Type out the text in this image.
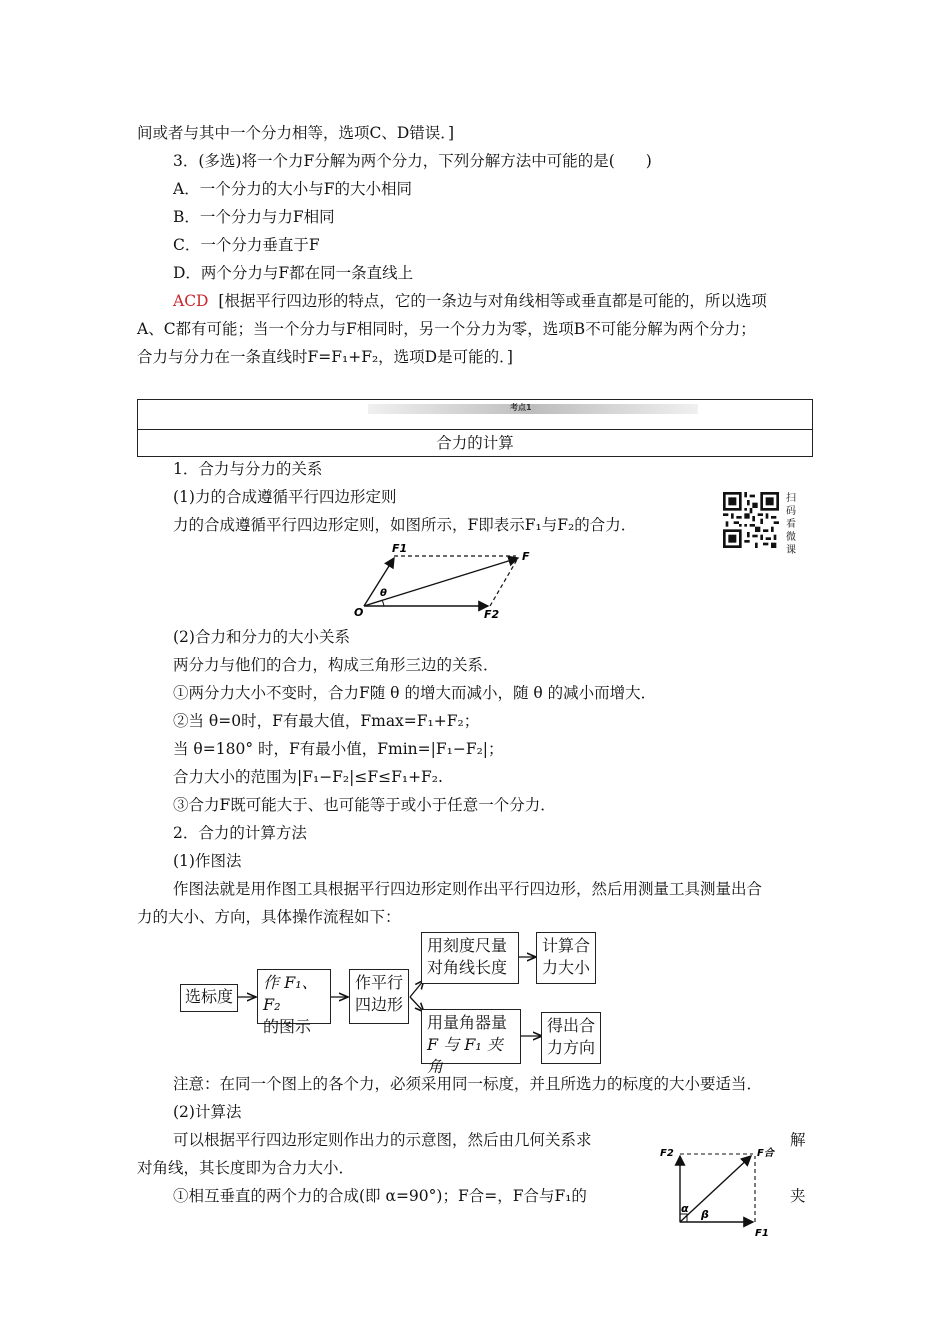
间或者与其中一个分力相等，选项C、D错误．]
3．(多选)将一个力F分解为两个分力，下列分解方法中可能的是(　　)
A．一个分力的大小与F的大小相同
B．一个分力与力F相同
C．一个分力垂直于F
D．两个分力与F都在同一条直线上
ACD [根据平行四边形的特点，它的一条边与对角线相等或垂直都是可能的，所以选项
A、C都有可能；当一个分力与F相同时，另一个分力为零，选项B不可能分解为两个分力；
合力与分力在一条直线时F=F₁+F₂，选项D是可能的．]
考点1
合力的计算
1．合力与分力的关系
(1)力的合成遵循平行四边形定则
力的合成遵循平行四边形定则，如图所示，F即表示F₁与F₂的合力．
扫码看微课
F1
F
O
θ
F2
(2)合力和分力的大小关系
两分力与他们的合力，构成三角形三边的关系．
①两分力大小不变时，合力F随 θ 的增大而减小，随 θ 的减小而增大．
②当 θ=0时，F有最大值，Fmax=F₁+F₂；
当 θ=180° 时，F有最小值，Fmin=|F₁−F₂|；
合力大小的范围为|F₁−F₂|≤F≤F₁+F₂.
③合力F既可能大于、也可能等于或小于任意一个分力．
2．合力的计算方法
(1)作图法
作图法就是用作图工具根据平行四边形定则作出平行四边形，然后用测量工具测量出合
力的大小、方向，具体操作流程如下：
选标度
作 F₁、F₂
的图示
作平行
四边形
用刻度尺量
对角线长度
计算合
力大小
用量角器量
F 与 F₁ 夹角
得出合
力方向
注意：在同一个图上的各个力，必须采用同一标度，并且所选力的标度的大小要适当．
(2)计算法
可以根据平行四边形定则作出力的示意图，然后由几何关系求	解
对角线，其长度即为合力大小．
①相互垂直的两个力的合成(即 α=90°)；F合=，F合与F₁的	夹
F2	F合
α β
F1
